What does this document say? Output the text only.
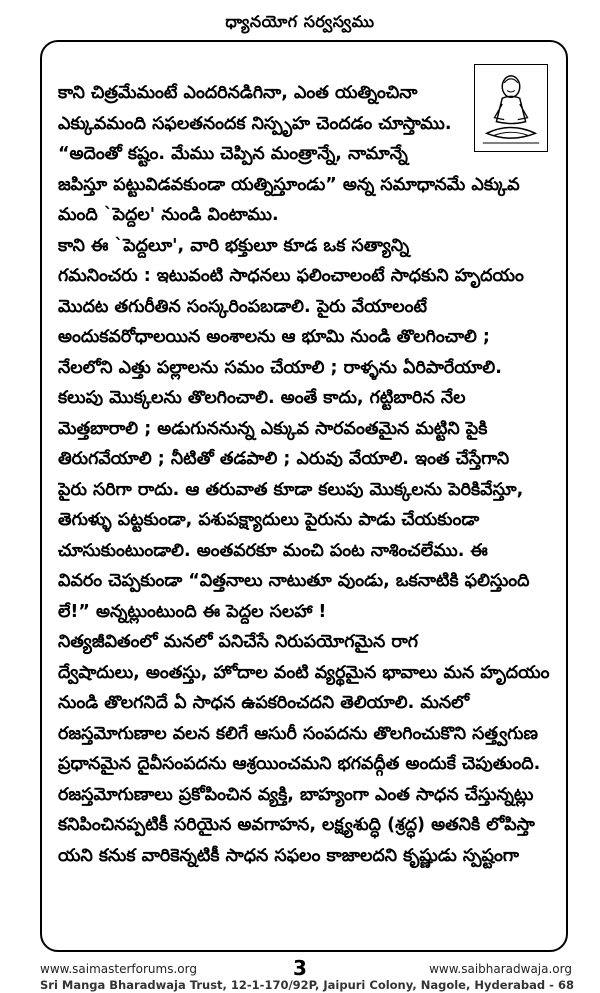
ధ్యానయోగ సర్వస్వము
కాని చిత్రమేమంటే ఎందరినడిగినా, ఎంత యత్నించినా
ఎక్కువమంది సఫలతనందక నిస్పృహ చెందడం చూస్తాము.
“అదెంతో కష్టం. మేము చెప్పిన మంత్రాన్నే, నామాన్నే
జపిస్తూ పట్టువిడవకుండా యత్నిస్తూండు” అన్న సమాధానమే ఎక్కువ
మంది `పెద్దల' నుండి వింటాము.
కాని ఈ `పెద్దలూ', వారి భక్తులూ కూడ ఒక సత్యాన్ని
గమనించరు : ఇటువంటి సాధనలు ఫలించాలంటే సాధకుని హృదయం
మొదట తగురీతిన సంస్కరింపబడాలి. పైరు వేయాలంటే
అందుకవరోధాలయిన అంశాలను ఆ భూమి నుండి తొలగించాలి ;
నేలలోని ఎత్తు పల్లాలను సమం చేయాలి ; రాళ్ళను ఏరిపారేయాలి.
కలుపు మొక్కలను తొలగించాలి. అంతే కాదు, గట్టిబారిన నేల
మెత్తబారాలి ; అడుగుననున్న ఎక్కువ సారవంతమైన మట్టిని పైకి
తిరుగవేయాలి ; నీటితో తడపాలి ; ఎరువు వేయాలి. ఇంత చేస్తేగాని
పైరు సరిగా రాదు. ఆ తరువాత కూడా కలుపు మొక్కలను పెరికివేస్తూ,
తెగుళ్ళు పట్టకుండా, పశుపక్ష్యాదులు పైరును పాడు చేయకుండా
చూసుకుంటుండాలి. అంతవరకూ మంచి పంట నాశించలేము. ఈ
వివరం చెప్పకుండా “విత్తనాలు నాటుతూ వుండు, ఒకనాటికి ఫలిస్తుంది
లే!” అన్నట్లుంటుంది ఈ పెద్దల సలహా !
నిత్యజీవితంలో మనలో పనిచేసే నిరుపయోగమైన రాగ
ద్వేషాదులు, అంతస్తు, హోదాల వంటి వ్యర్థమైన భావాలు మన హృదయం
నుండి తొలగనిదే ఏ సాధన ఉపకరించదని తెలియాలి. మనలో
రజస్తమోగుణాల వలన కలిగే ఆసురీ సంపదను తొలగించుకొని సత్త్వగుణ
ప్రధానమైన దైవీసంపదను ఆశ్రయించమని భగవద్గీత అందుకే చెపుతుంది.
రజస్తమోగుణాలు ప్రకోపించిన వ్యక్తి, బాహ్యంగా ఎంత సాధన చేస్తున్నట్లు
కనిపించినప్పటికీ సరియైన అవగాహన, లక్ష్యశుద్ధి (శ్రద్ధ) అతనికి లోపిస్తా
యని కనుక వారికెన్నటికీ సాధన సఫలం కాజాలదని కృష్ణుడు స్పష్టంగా
www.saimasterforums.org	3	www.saibharadwaja.org
Sri Manga Bharadwaja Trust, 12-1-170/92P, Jaipuri Colony, Nagole, Hyderabad - 68
